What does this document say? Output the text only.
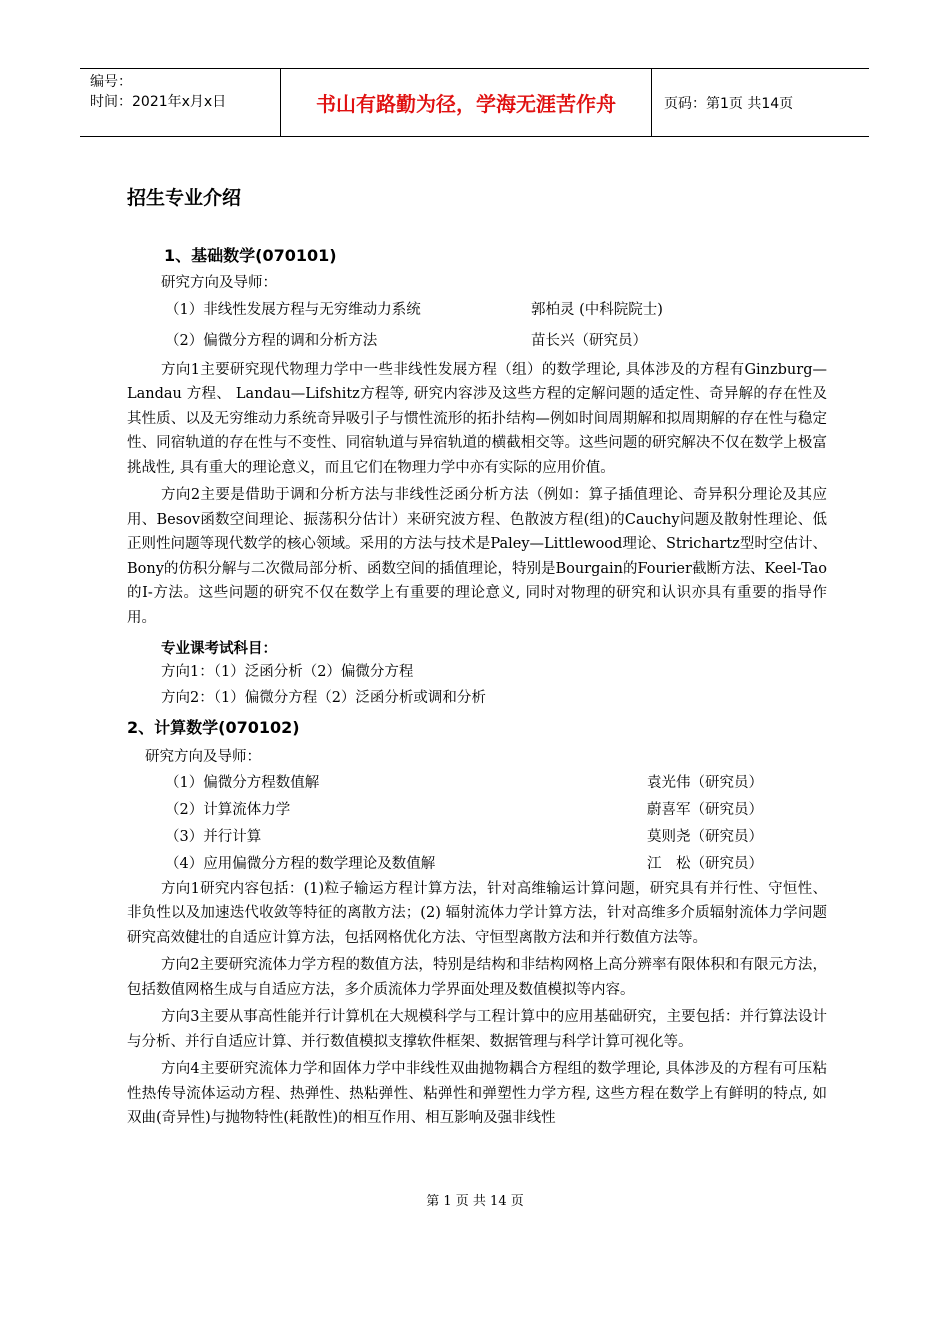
编号：
时间：2021年x月x日	书山有路勤为径，学海无涯苦作舟	页码：第1页 共14页
招生专业介绍
1、基础数学(070101)
研究方向及导师：
（1）非线性发展方程与无穷维动力系统	郭柏灵 (中科院院士)
（2）偏微分方程的调和分析方法	苗长兴（研究员）

方向1主要研究现代物理力学中一些非线性发展方程（组）的数学理论, 具体涉及的方程有Ginzburg—Landau 方程、 Landau—Lifshitz方程等, 研究内容涉及这些方程的定解问题的适定性、奇异解的存在性及其性质、以及无穷维动力系统奇异吸引子与惯性流形的拓扑结构—例如时间周期解和拟周期解的存在性与稳定性、同宿轨道的存在性与不变性、同宿轨道与异宿轨道的横截相交等。这些问题的研究解决不仅在数学上极富挑战性, 具有重大的理论意义，而且它们在物理力学中亦有实际的应用价值。

方向2主要是借助于调和分析方法与非线性泛函分析方法（例如：算子插值理论、奇异积分理论及其应用、Besov函数空间理论、振荡积分估计）来研究波方程、色散波方程(组)的Cauchy问题及散射性理论、低正则性问题等现代数学的核心领域。采用的方法与技术是Paley—Littlewood理论、Strichartz型时空估计、Bony的仿积分解与二次微局部分析、函数空间的插值理论，特别是Bourgain的Fourier截断方法、Keel-Tao的I-方法。这些问题的研究不仅在数学上有重要的理论意义, 同时对物理的研究和认识亦具有重要的指导作用。

专业课考试科目：
方向1：（1）泛函分析（2）偏微分方程
方向2：（1）偏微分方程（2）泛函分析或调和分析
2、计算数学(070102)
研究方向及导师：
（1）偏微分方程数值解	袁光伟（研究员）
（2）计算流体力学	蔚喜军（研究员）
（3）并行计算	莫则尧（研究员）
（4）应用偏微分方程的数学理论及数值解	江　松（研究员）

方向1研究内容包括：(1)粒子输运方程计算方法，针对高维输运计算问题，研究具有并行性、守恒性、非负性以及加速迭代收敛等特征的离散方法；(2) 辐射流体力学计算方法，针对高维多介质辐射流体力学问题研究高效健壮的自适应计算方法，包括网格优化方法、守恒型离散方法和并行数值方法等。

方向2主要研究流体力学方程的数值方法，特别是结构和非结构网格上高分辨率有限体积和有限元方法，包括数值网格生成与自适应方法，多介质流体力学界面处理及数值模拟等内容。

方向3主要从事高性能并行计算机在大规模科学与工程计算中的应用基础研究，主要包括：并行算法设计与分析、并行自适应计算、并行数值模拟支撑软件框架、数据管理与科学计算可视化等。

方向4主要研究流体力学和固体力学中非线性双曲抛物耦合方程组的数学理论, 具体涉及的方程有可压粘性热传导流体运动方程、热弹性、热粘弹性、粘弹性和弹塑性力学方程, 这些方程在数学上有鲜明的特点, 如 双曲(奇异性)与抛物特性(耗散性)的相互作用、相互影响及强非线性

第 1 页 共 14 页
